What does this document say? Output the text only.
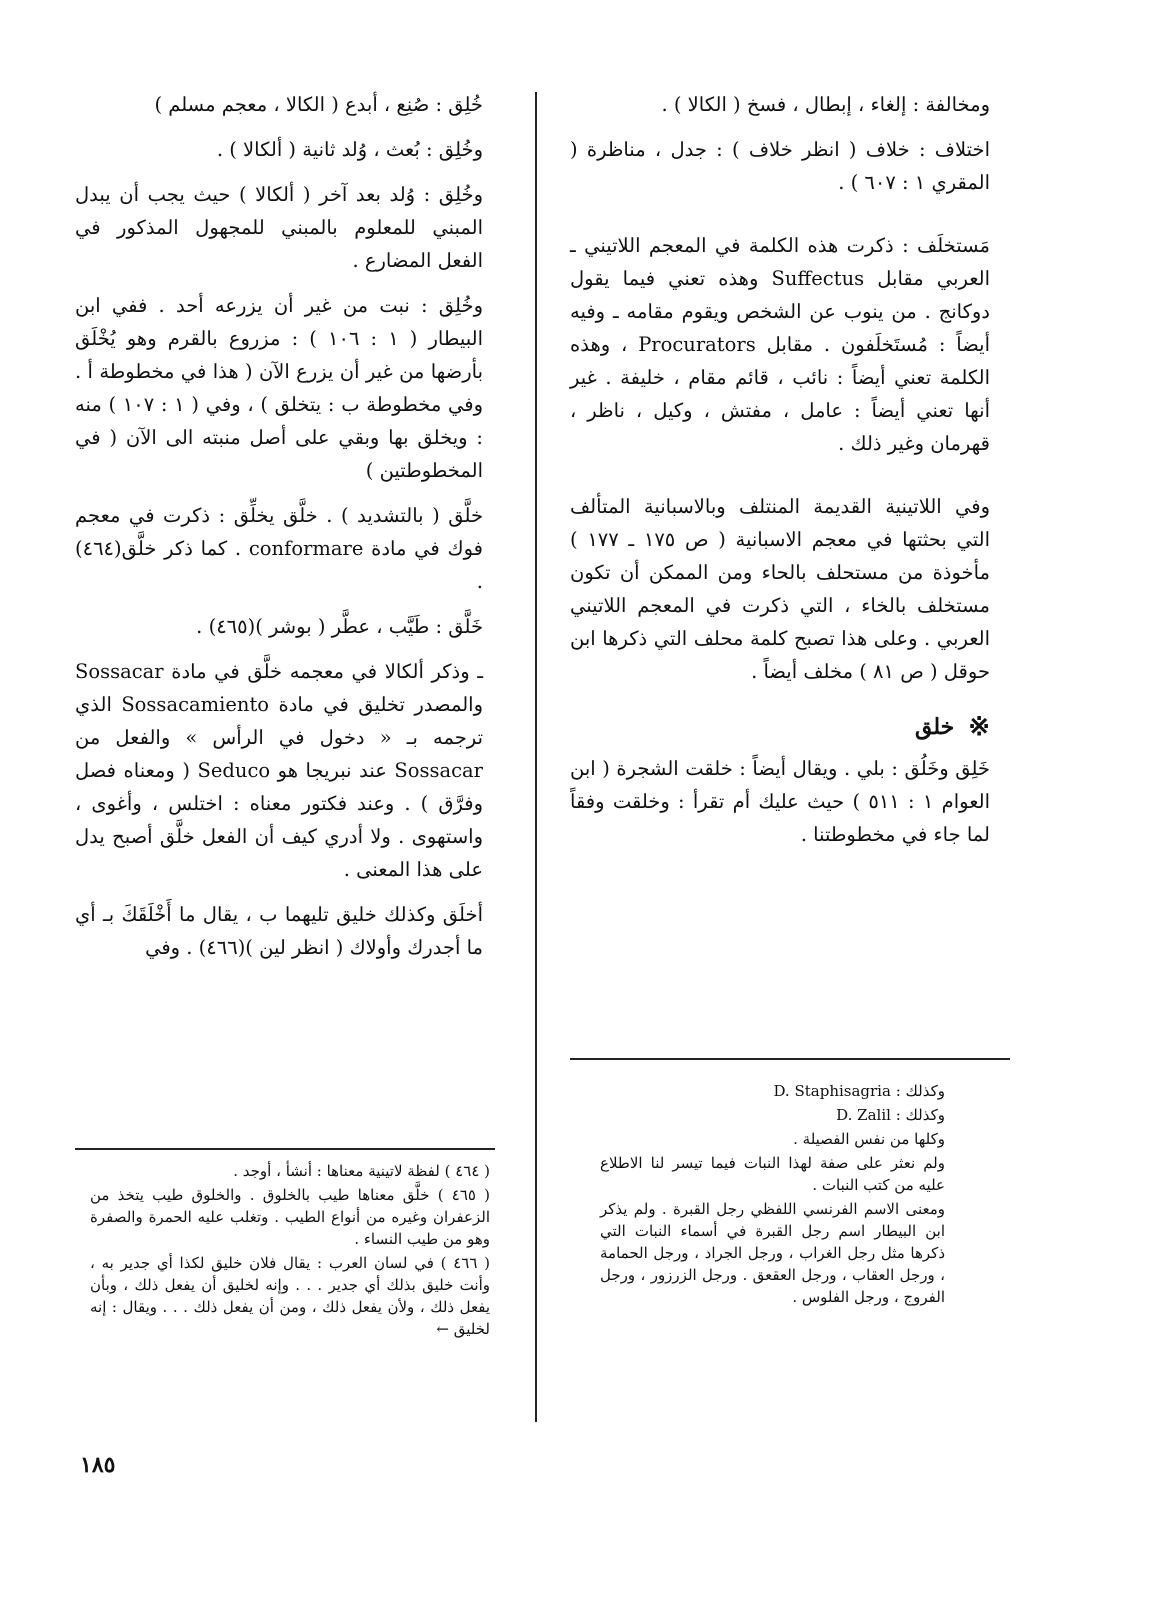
ومخالفة : إلغاء ، إبطال ، فسخ ( الكالا ) .

اختلاف : خلاف ( انظر خلاف ) : جدل ، مناظرة ( المقري ١ : ٦٠٧ ) .

مَستخلَف : ذكرت هذه الكلمة في المعجم اللاتيني ـ العربي مقابل Suffectus وهذه تعني فيما يقول دوكانج . من ينوب عن الشخص ويقوم مقامه ـ وفيه أيضاً : مُستَخلَفون . مقابل Procurators ، وهذه الكلمة تعني أيضاً : نائب ، قائم مقام ، خليفة . غير أنها تعني أيضاً : عامل ، مفتش ، وكيل ، ناظر ، قهرمان وغير ذلك .

وفي اللاتينية القديمة المنتلف وبالاسبانية المتألف التي بحثتها في معجم الاسبانية ( ص ١٧٥ ـ ١٧٧ ) مأخوذة من مستحلف بالحاء ومن الممكن أن تكون مستخلف بالخاء ، التي ذكرت في المعجم اللاتيني العربي . وعلى هذا تصبح كلمة محلف التي ذكرها ابن حوقل ( ص ٨١ ) مخلف أيضاً .

※
خلق

خَلِق وخَلُق : بلي . ويقال أيضاً : خلقت الشجرة ( ابن العوام ١ : ٥١١ ) حيث عليك أم تقرأ : وخلقت وفقاً لما جاء في مخطوطتنا .

وكذلك : D. Staphisagria
وكذلك : D. Zalil
وكلها من نفس الفصيلة .
ولم نعثر على صفة لهذا النبات فيما تيسر لنا الاطلاع عليه من كتب النبات .
ومعنى الاسم الفرنسي اللفظي رجل القبرة . ولم يذكر ابن البيطار اسم رجل القبرة في أسماء النبات التي ذكرها مثل رجل الغراب ، ورجل الجراد ، ورجل الحمامة ، ورجل العقاب ، ورجل العقعق . ورجل الزرزور ، ورجل الفروج ، ورجل الفلوس .

خُلِق : صُنِع ، أبدع ( الكالا ، معجم مسلم )

وخُلِق : بُعث ، وُلد ثانية ( ألكالا ) .

وخُلِق : وُلد بعد آخر ( ألكالا ) حيث يجب أن يبدل المبني للمعلوم بالمبني للمجهول المذكور في الفعل المضارع .

وخُلِق : نبت من غير أن يزرعه أحد . ففي ابن البيطار ( ١ : ١٠٦ ) : مزروع بالقرم وهو يُخْلَق بأرضها من غير أن يزرع الآن ( هذا في مخطوطة أ . وفي مخطوطة ب : يتخلق ) ، وفي ( ١ : ١٠٧ ) منه : ويخلق بها وبقي على أصل منبته الى الآن ( في المخطوطتين )

خلَّق ( بالتشديد ) . خلَّق يخلِّق : ذكرت في معجم فوك في مادة conformare . كما ذكر خلَّق(٤٦٤) .

خَلَّق : طَيَّب ، عطَّر ( بوشر )(٤٦٥) .

ـ وذكر ألكالا في معجمه خلَّق في مادة Sossacar والمصدر تخليق في مادة Sossacamiento الذي ترجمه بـ « دخول في الرأس » والفعل من Sossacar عند نبريجا هو Seduco ( ومعناه فصل وفرَّق ) . وعند فكتور معناه : اختلس ، وأغوى ، واستهوى . ولا أدري كيف أن الفعل خلَّق أصبح يدل على هذا المعنى .

أخلَق وكذلك خليق تليهما ب ، يقال ما أَخْلَقَكَ بـ أي ما أجدرك وأولاك ( انظر لين )(٤٦٦) . وفي

( ٤٦٤ ) لفظة لاتينية معناها : أنشأ ، أوجد .
( ٤٦٥ ) خلَّق معناها طيب بالخلوق . والخلوق طيب يتخذ من الزعفران وغيره من أنواع الطيب . وتغلب عليه الحمرة والصفرة وهو من طيب النساء .
( ٤٦٦ ) في لسان العرب : يقال فلان خليق لكذا أي جدير به ، وأنت خليق بذلك أي جدير . . . وإنه لخليق أن يفعل ذلك ، وبأن يفعل ذلك ، ولأن يفعل ذلك ، ومن أن يفعل ذلك . . . ويقال : إنه لخليق ←
١٨٥
